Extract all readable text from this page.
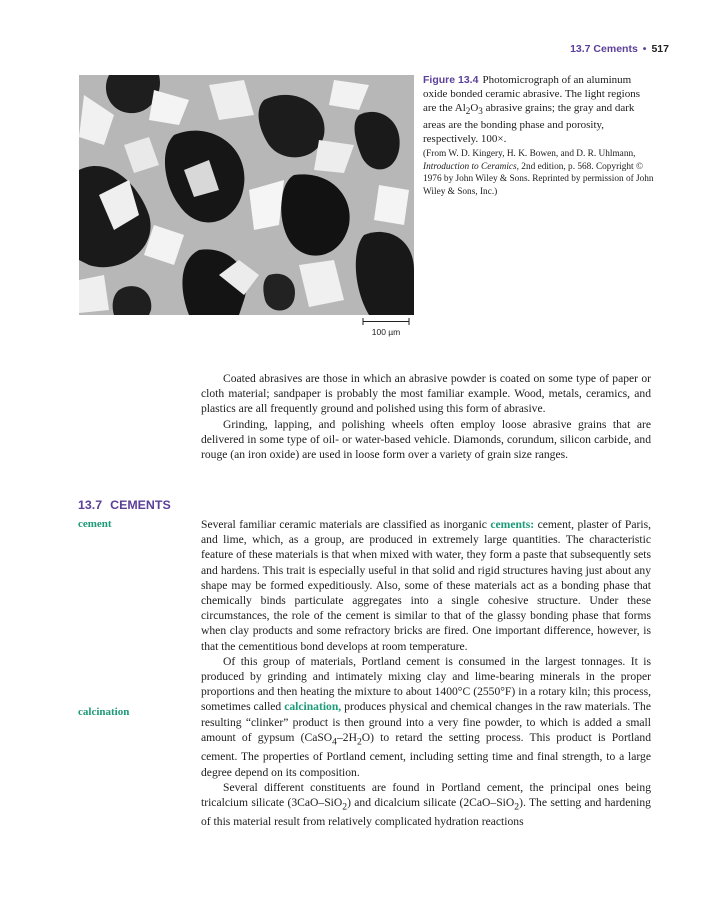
13.7 Cements • 517
100 µm
Figure 13.4 Photomicrograph of an aluminum oxide bonded ceramic abrasive. The light regions are the $Al_2O_3$ abrasive grains; the gray and dark areas are the bonding phase and porosity, respectively. 100×.
(From W. D. Kingery, H. K. Bowen, and D. R. Uhlmann, Introduction to Ceramics, 2nd edition, p. 568. Copyright © 1976 by John Wiley & Sons. Reprinted by permission of John Wiley & Sons, Inc.)

Coated abrasives are those in which an abrasive powder is coated on some type of paper or cloth material; sandpaper is probably the most familiar example. Wood, metals, ceramics, and plastics are all frequently ground and polished using this form of abrasive.

Grinding, lapping, and polishing wheels often employ loose abrasive grains that are delivered in some type of oil- or water-based vehicle. Diamonds, corundum, silicon carbide, and rouge (an iron oxide) are used in loose form over a variety of grain size ranges.

13.7 CEMENTS
cement
calcination

Several familiar ceramic materials are classified as inorganic cements: cement, plaster of Paris, and lime, which, as a group, are produced in extremely large quantities. The characteristic feature of these materials is that when mixed with water, they form a paste that subsequently sets and hardens. This trait is especially useful in that solid and rigid structures having just about any shape may be formed expeditiously. Also, some of these materials act as a bonding phase that chemically binds particulate aggregates into a single cohesive structure. Under these circumstances, the role of the cement is similar to that of the glassy bonding phase that forms when clay products and some refractory bricks are fired. One important difference, however, is that the cementitious bond develops at room temperature.

Of this group of materials, Portland cement is consumed in the largest tonnages. It is produced by grinding and intimately mixing clay and lime-bearing minerals in the proper proportions and then heating the mixture to about 1400°C (2550°F) in a rotary kiln; this process, sometimes called calcination, produces physical and chemical changes in the raw materials. The resulting “clinker” product is then ground into a very fine powder, to which is added a small amount of gypsum $(CaSO_4-2H_2O)$ to retard the setting process. This product is Portland cement. The properties of Portland cement, including setting time and final strength, to a large degree depend on its composition.

Several different constituents are found in Portland cement, the principal ones being tricalcium silicate (3CaO–SiO$_2$) and dicalcium silicate (2CaO–SiO$_2$). The setting and hardening of this material result from relatively complicated hydration reactions
